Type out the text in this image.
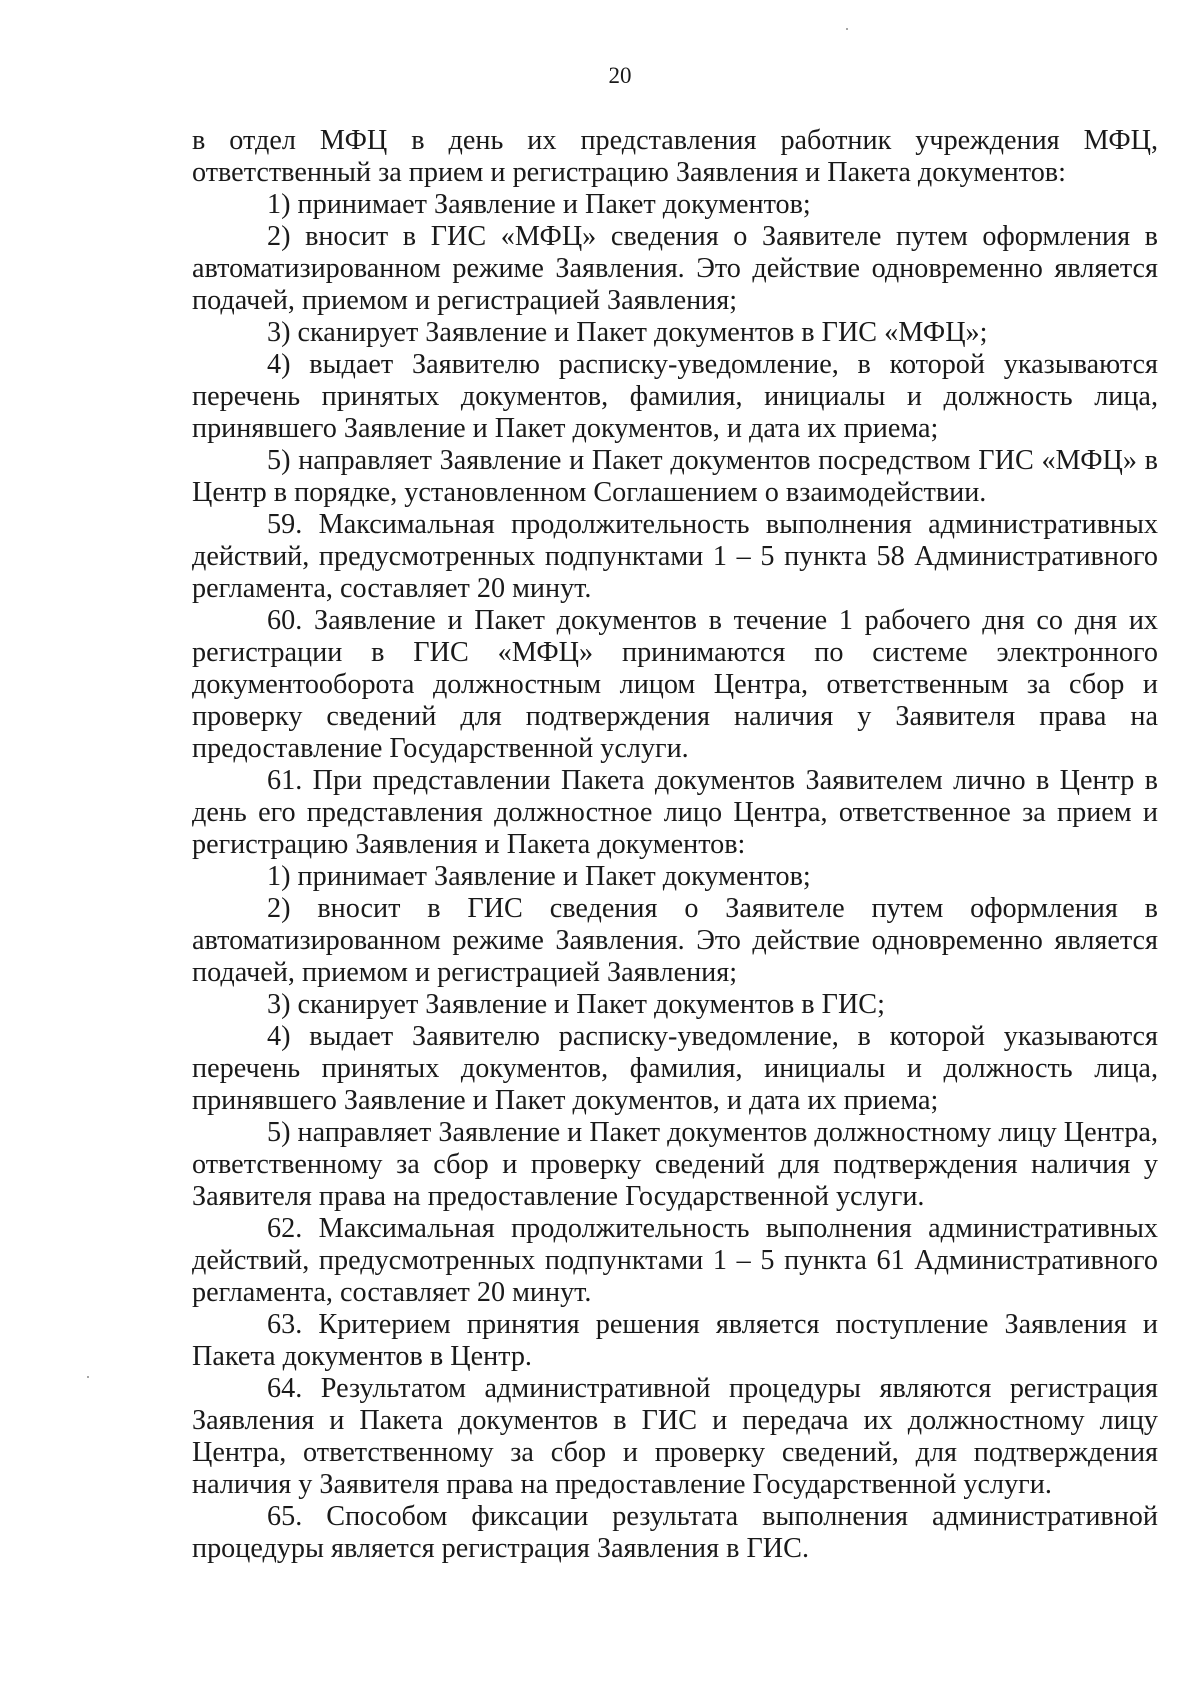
20

в отдел МФЦ в день их представления работник учреждения МФЦ, ответственный за прием и регистрацию Заявления и Пакета документов:

1) принимает Заявление и Пакет документов;

2) вносит в ГИС «МФЦ» сведения о Заявителе путем оформления в автоматизированном режиме Заявления. Это действие одновременно является подачей, приемом и регистрацией Заявления;

3) сканирует Заявление и Пакет документов в ГИС «МФЦ»;

4) выдает Заявителю расписку-уведомление, в которой указываются перечень принятых документов, фамилия, инициалы и должность лица, принявшего Заявление и Пакет документов, и дата их приема;

5) направляет Заявление и Пакет документов посредством ГИС «МФЦ» в Центр в порядке, установленном Соглашением о взаимодействии.

59. Максимальная продолжительность выполнения административных действий, предусмотренных подпунктами 1 – 5 пункта 58 Административного регламента, составляет 20 минут.

60. Заявление и Пакет документов в течение 1 рабочего дня со дня их регистрации в ГИС «МФЦ» принимаются по системе электронного документооборота должностным лицом Центра, ответственным за сбор и проверку сведений для подтверждения наличия у Заявителя права на предоставление Государственной услуги.

61. При представлении Пакета документов Заявителем лично в Центр в день его представления должностное лицо Центра, ответственное за прием и регистрацию Заявления и Пакета документов:

1) принимает Заявление и Пакет документов;

2) вносит в ГИС сведения о Заявителе путем оформления в автоматизированном режиме Заявления. Это действие одновременно является подачей, приемом и регистрацией Заявления;

3) сканирует Заявление и Пакет документов в ГИС;

4) выдает Заявителю расписку-уведомление, в которой указываются перечень принятых документов, фамилия, инициалы и должность лица, принявшего Заявление и Пакет документов, и дата их приема;

5) направляет Заявление и Пакет документов должностному лицу Центра, ответственному за сбор и проверку сведений для подтверждения наличия у Заявителя права на предоставление Государственной услуги.

62. Максимальная продолжительность выполнения административных действий, предусмотренных подпунктами 1 – 5 пункта 61 Административного регламента, составляет 20 минут.

63. Критерием принятия решения является поступление Заявления и Пакета документов в Центр.

64. Результатом административной процедуры являются регистрация Заявления и Пакета документов в ГИС и передача их должностному лицу Центра, ответственному за сбор и проверку сведений, для подтверждения наличия у Заявителя права на предоставление Государственной услуги.

65. Способом фиксации результата выполнения административной процедуры является регистрация Заявления в ГИС.
